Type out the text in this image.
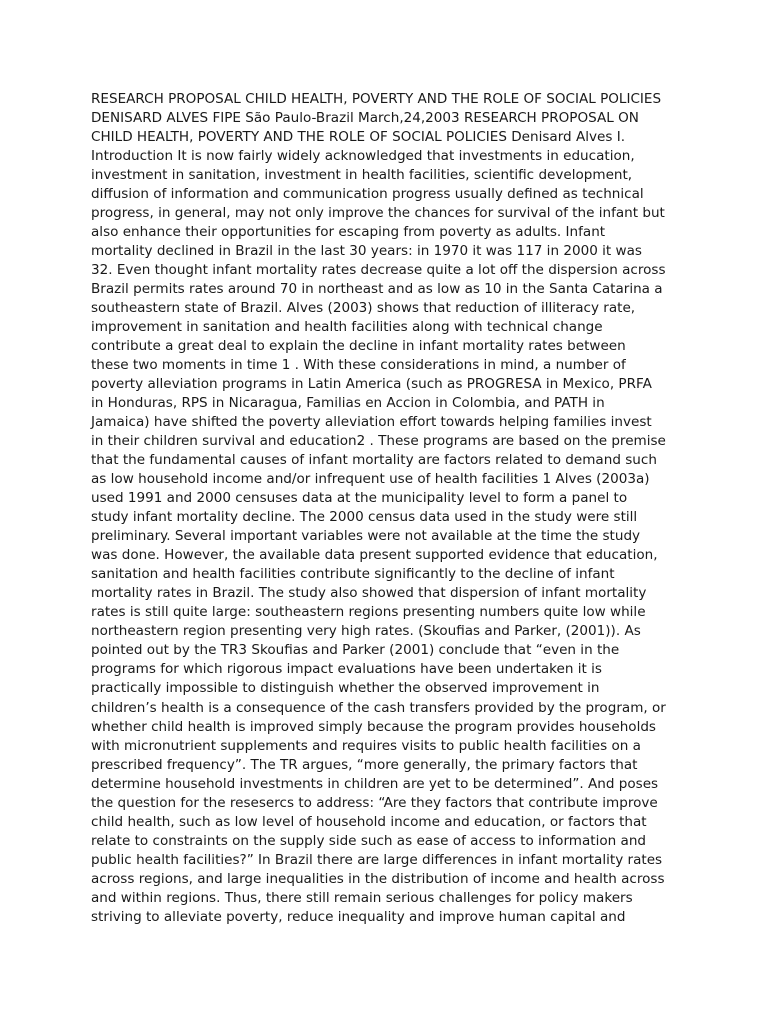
RESEARCH PROPOSAL CHILD HEALTH, POVERTY AND THE ROLE OF SOCIAL POLICIES
DENISARD ALVES FIPE São Paulo-Brazil March,24,2003 RESEARCH PROPOSAL ON
CHILD HEALTH, POVERTY AND THE ROLE OF SOCIAL POLICIES Denisard Alves I.
Introduction It is now fairly widely acknowledged that investments in education,
investment in sanitation, investment in health facilities, scientific development,
diffusion of information and communication progress usually defined as technical
progress, in general, may not only improve the chances for survival of the infant but
also enhance their opportunities for escaping from poverty as adults. Infant
mortality declined in Brazil in the last 30 years: in 1970 it was 117 in 2000 it was
32. Even thought infant mortality rates decrease quite a lot off the dispersion across
Brazil permits rates around 70 in northeast and as low as 10 in the Santa Catarina a
southeastern state of Brazil. Alves (2003) shows that reduction of illiteracy rate,
improvement in sanitation and health facilities along with technical change
contribute a great deal to explain the decline in infant mortality rates between
these two moments in time 1 . With these considerations in mind, a number of
poverty alleviation programs in Latin America (such as PROGRESA in Mexico, PRFA
in Honduras, RPS in Nicaragua, Familias en Accion in Colombia, and PATH in
Jamaica) have shifted the poverty alleviation effort towards helping families invest
in their children survival and education2 . These programs are based on the premise
that the fundamental causes of infant mortality are factors related to demand such
as low household income and/or infrequent use of health facilities 1 Alves (2003a)
used 1991 and 2000 censuses data at the municipality level to form a panel to
study infant mortality decline. The 2000 census data used in the study were still
preliminary. Several important variables were not available at the time the study
was done. However, the available data present supported evidence that education,
sanitation and health facilities contribute significantly to the decline of infant
mortality rates in Brazil. The study also showed that dispersion of infant mortality
rates is still quite large: southeastern regions presenting numbers quite low while
northeastern region presenting very high rates. (Skoufias and Parker, (2001)). As
pointed out by the TR3 Skoufias and Parker (2001) conclude that “even in the
programs for which rigorous impact evaluations have been undertaken it is
practically impossible to distinguish whether the observed improvement in
children’s health is a consequence of the cash transfers provided by the program, or
whether child health is improved simply because the program provides households
with micronutrient supplements and requires visits to public health facilities on a
prescribed frequency”. The TR argues, “more generally, the primary factors that
determine household investments in children are yet to be determined”. And poses
the question for the resesercs to address: “Are they factors that contribute improve
child health, such as low level of household income and education, or factors that
relate to constraints on the supply side such as ease of access to information and
public health facilities?” In Brazil there are large differences in infant mortality rates
across regions, and large inequalities in the distribution of income and health across
and within regions. Thus, there still remain serious challenges for policy makers
striving to alleviate poverty, reduce inequality and improve human capital and
